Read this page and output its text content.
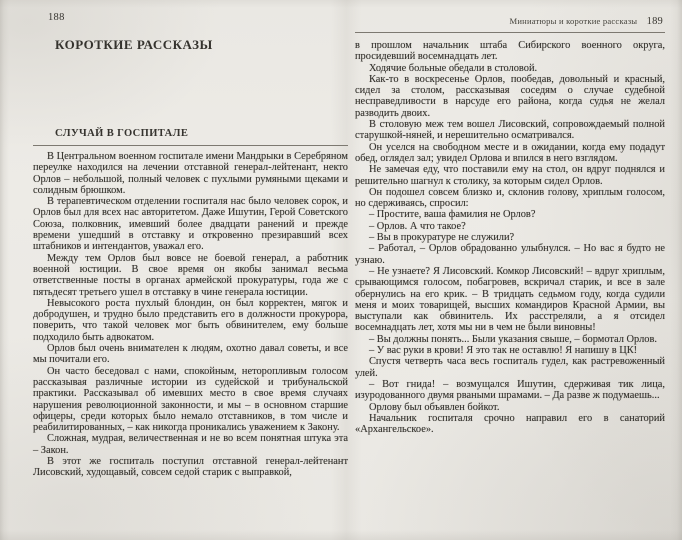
188
КОРОТКИЕ РАССКАЗЫ
СЛУЧАЙ В ГОСПИТАЛЕ

В Центральном военном госпитале имени Мандрыки в Серебряном переулке находился на лечении отставной генерал-лейтенант, некто Орлов – небольшой, полный человек с пухлыми румяными щеками и солидным брюшком.

В терапевтическом отделении госпиталя нас было человек сорок, и Орлов был для всех нас авторитетом. Даже Ишутин, Герой Советского Союза, полковник, имевший более двадцати ранений и прежде времени ушедший в отставку и откровенно презиравший всех штабников и интендантов, уважал его.

Между тем Орлов был вовсе не боевой генерал, а работник военной юстиции. В свое время он якобы занимал весьма ответственные посты в органах армейской прокуратуры, года же с пятьдесят третьего ушел в отставку в чине генерала юстиции.

Невысокого роста пухлый блондин, он был корректен, мягок и добродушен, и трудно было представить его в должности прокурора, поверить, что такой человек мог быть обвинителем, ему больше подходило быть адвокатом.

Орлов был очень внимателен к людям, охотно давал советы, и все мы почитали его.

Он часто беседовал с нами, спокойным, неторопливым голосом рассказывая различные истории из судейской и трибунальской практики. Рассказывал об имевших место в свое время случаях нарушения революционной законности, и мы – в основном старшие офицеры, среди которых было немало отставников, в том числе и реабилитированных, – как никогда проникались уважением к Закону.

Сложная, мудрая, величественная и не во всем понятная штука эта – Закон.

В этот же госпиталь поступил отставной генерал-лейтенант Лисовский, худощавый, совсем седой старик с выправкой,

Миниатюры и короткие рассказы 189

в прошлом начальник штаба Сибирского военного округа, просидевший восемнадцать лет.

Ходячие больные обедали в столовой.

Как-то в воскресенье Орлов, пообедав, довольный и красный, сидел за столом, рассказывая соседям о случае судебной несправедливости в нарсуде его района, когда судья не желал разводить двоих.

В столовую меж тем вошел Лисовский, сопровождаемый полной старушкой-няней, и нерешительно осматривался.

Он уселся на свободном месте и в ожидании, когда ему подадут обед, оглядел зал; увидел Орлова и впился в него взглядом.

Не замечая еду, что поставили ему на стол, он вдруг поднялся и решительно шагнул к столику, за которым сидел Орлов.

Он подошел совсем близко и, склонив голову, хриплым голосом, но сдерживаясь, спросил:

– Простите, ваша фамилия не Орлов?

– Орлов. А что такое?

– Вы в прокуратуре не служили?

– Работал, – Орлов обрадованно улыбнулся. – Но вас я будто не узнаю.

– Не узнаете? Я Лисовский. Комкор Лисовский! – вдруг хриплым, срывающимся голосом, побагровев, вскричал старик, и все в зале обернулись на его крик. – В тридцать седьмом году, когда судили меня и моих товарищей, высших командиров Красной Армии, вы выступали как обвинитель. Их расстреляли, а я отсидел восемнадцать лет, хотя мы ни в чем не были виновны!

– Вы должны понять... Были указания свыше, – бормотал Орлов.

– У вас руки в крови! Я это так не оставлю! Я напишу в ЦК!

Спустя четверть часа весь госпиталь гудел, как растревоженный улей.

– Вот гнида! – возмущался Ишутин, сдерживая тик лица, изуродованного двумя рваными шрамами. – Да разве ж подумаешь...

Орлову был объявлен бойкот.

Начальник госпиталя срочно направил его в санаторий «Архангельское».
